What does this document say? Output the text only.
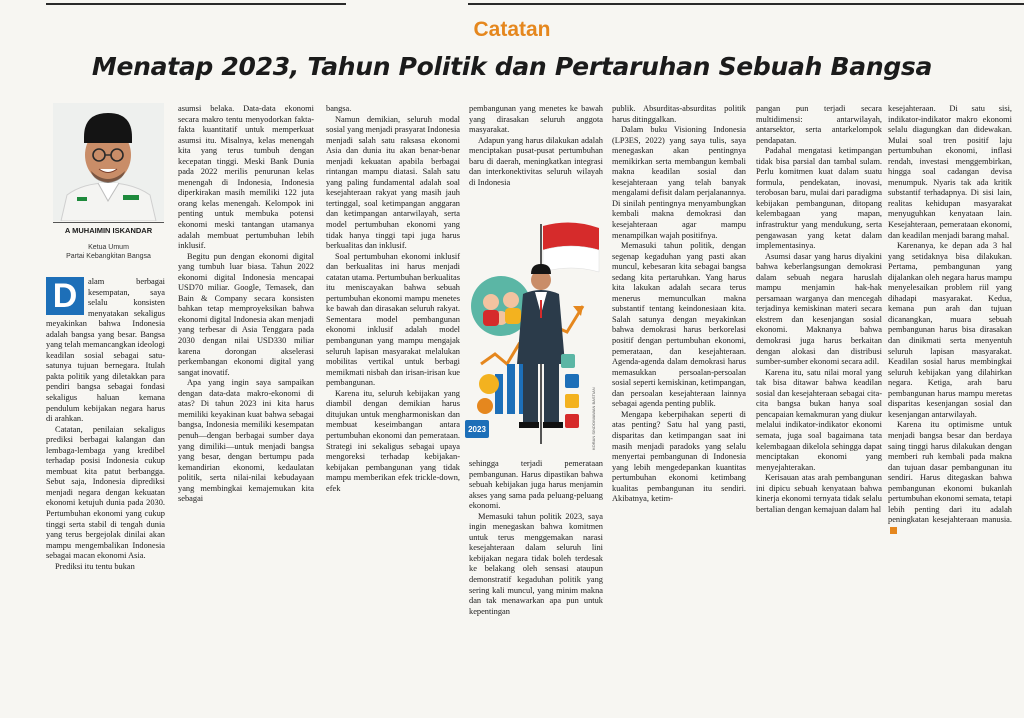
Catatan
Menatap 2023, Tahun Politik dan Pertaruhan Sebuah Bangsa
A MUHAIMIN ISKANDAR
Ketua Umum
Partai Kebangkitan Bangsa

D	alam berbagai kesempatan, saya selalu konsisten menyatakan sekaligus meyakinkan bahwa Indonesia adalah bangsa yang besar. Bangsa yang telah memancangkan ideologi keadilan sosial sebagai satu-satunya tujuan bernegara. Itulah pakta politik yang diletakkan para pendiri bangsa sebagai fondasi sekaligus haluan kemana pendulum kebijakan negara harus di arahkan.

Catatan, penilaian sekaligus prediksi berbagai kalangan dan lembaga-lembaga yang kredibel terhadap posisi Indonesia cukup membuat kita patut berbangga. Sebut saja, Indonesia diprediksi menjadi negara dengan kekuatan ekonomi ketujuh dunia pada 2030. Pertumbuhan ekonomi yang cukup tinggi serta stabil di tengah dunia yang terus bergejolak dinilai akan mampu mengembalikan Indonesia sebagai macan ekonomi Asia.

Prediksi itu tentu bukan

asumsi belaka. Data-data ekonomi secara makro tentu menyodorkan fakta-fakta kuantitatif untuk memperkuat asumsi itu. Misalnya, kelas menengah kita yang terus tumbuh dengan kecepatan tinggi. Meski Bank Dunia pada 2022 merilis penurunan kelas menengah di Indonesia, Indonesia diperkirakan masih memiliki 122 juta orang kelas menengah. Kelompok ini penting untuk membuka potensi ekonomi meski tantangan utamanya adalah membuat pertumbuhan lebih inklusif.

Begitu pun dengan ekonomi digital yang tumbuh luar biasa. Tahun 2022 ekonomi digital Indonesia mencapai USD70 miliar. Google, Temasek, dan Bain & Company secara konsisten bahkan tetap memproyeksikan bahwa ekonomi digital Indonesia akan menjadi yang terbesar di Asia Tenggara pada 2030 dengan nilai USD330 miliar karena dorongan akselerasi perkembangan ekonomi digital yang sangat inovatif.

Apa yang ingin saya sampaikan dengan data-data makro-ekonomi di atas? Di tahun 2023 ini kita harus memiliki keyakinan kuat bahwa sebagai bangsa, Indonesia memiliki kesempatan penuh—dengan berbagai sumber daya yang dimiliki—untuk menjadi bangsa yang besar, dengan bertumpu pada kemandirian ekonomi, kedaulatan politik, serta nilai-nilai kebudayaan yang membingkai kemajemukan kita sebagai

bangsa.

Namun demikian, seluruh modal sosial yang menjadi prasyarat Indonesia menjadi salah satu raksasa ekonomi Asia dan dunia itu akan benar-benar menjadi kekuatan apabila berbagai rintangan mampu diatasi. Salah satu yang paling fundamental adalah soal kesejahteraan rakyat yang masih jauh tertinggal, soal ketimpangan anggaran dan ketimpangan antarwilayah, serta model pertumbuhan ekonomi yang tidak hanya tinggi tapi juga harus berkualitas dan inklusif.

Soal pertumbuhan ekonomi inklusif dan berkualitas ini harus menjadi catatan utama. Pertumbuhan berkualitas itu meniscayakan bahwa sebuah pertumbuhan ekonomi mampu menetes ke bawah dan dirasakan seluruh rakyat. Sementara model pembangunan ekonomi inklusif adalah model pembangunan yang mampu mengajak seluruh lapisan masyarakat melalukan mobilitas vertikal untuk berbagi memikmati nisbah dan irisan-irisan kue pembangunan.

Karena itu, seluruh kebijakan yang diambil dengan demikian harus ditujukan untuk mengharmoniskan dan membuat keseimbangan antara pertumbuhan ekonomi dan pemerataan. Strategi ini sekaligus sebagai upaya mengoreksi terhadap kebijakan-kebijakan pembangunan yang tidak mampu memberikan efek trickle-down, efek

pembangunan yang menetes ke bawah yang dirasakan seluruh anggota masyarakat.

Adapun yang harus dilakukan adalah menciptakan pusat-pusat pertumbuhan baru di daerah, meningkatkan integrasi dan interkonektivitas seluruh wilayah di Indonesia

2023	KORAN SINDO/WAWAN BASTIAN

sehingga terjadi pemerataan pembangunan. Harus dipastikan bahwa sebuah kebijakan juga harus menjamin akses yang sama pada peluang-peluang ekonomi.

Memasuki tahun politik 2023, saya ingin menegaskan bahwa komitmen untuk terus menggemakan narasi kesejahteraan dalam seluruh lini kebijakan negara tidak boleh terdesak ke belakang oleh sensasi ataupun demonstratif kegaduhan politik yang sering kali muncul, yang minim makna dan tak menawarkan apa pun untuk kepentingan

publik. Absurditas-absurditas politik harus ditinggalkan.

Dalam buku Visioning Indonesia (LP3ES, 2022) yang saya tulis, saya menegaskan akan pentingnya memikirkan serta membangun kembali makna keadilan sosial dan kesejahteraan yang telah banyak mengalami defisit dalam perjalanannya. Di sinilah pentingnya menyambungkan kembali makna demokrasi dan kesejahteraan agar mampu menampilkan wajah positifnya.

Memasuki tahun politik, dengan segenap kegaduhan yang pasti akan muncul, kebesaran kita sebagai bangsa sedang kita pertaruhkan. Yang harus kita lakukan adalah secara terus menerus memunculkan makna substantif tentang keindonesiaan kita. Salah satunya dengan meyakinkan bahwa demokrasi harus berkorelasi positif dengan pertumbuhan ekonomi, pemerataan, dan kesejahteraan. Agenda-agenda dalam demokrasi harus memasukkan persoalan-persoalan sosial seperti kemiskinan, ketimpangan, dan persoalan kesejahteraan lainnya sebagai agenda penting publik.

Mengapa keberpihakan seperti di atas penting? Satu hal yang pasti, disparitas dan ketimpangan saat ini masih menjadi paradoks yang selalu menyertai pembangunan di Indonesia yang lebih mengedepankan kuantitas pertumbuhan ekonomi ketimbang kualitas pembangunan itu sendiri. Akibatnya, ketim-

pangan pun terjadi secara multidimensi: antarwilayah, antarsektor, serta antarkelompok pendapatan.

Padahal mengatasi ketimpangan tidak bisa parsial dan tambal sulam. Perlu komitmen kuat dalam suatu formula, pendekatan, inovasi, terobosan baru, mulai dari paradigma kebijakan pembangunan, ditopang kelembagaan yang mapan, infrastruktur yang mendukung, serta pengawasan yang ketat dalam implementasinya.

Asumsi dasar yang harus diyakini bahwa keberlangsungan demokrasi dalam sebuah negara haruslah mampu menjamin hak-hak persamaan warganya dan mencegah terjadinya kemiskinan materi secara ekstrem dan kesenjangan sosial ekonomi. Maknanya bahwa demokrasi juga harus berkaitan dengan alokasi dan distribusi sumber-sumber ekonomi secara adil.

Karena itu, satu nilai moral yang tak bisa ditawar bahwa keadilan sosial dan kesejahteraan sebagai cita-cita bangsa bukan hanya soal pencapaian kemakmuran yang diukur melalui indikator-indikator ekonomi semata, juga soal bagaimana tata kelembagaan dikelola sehingga dapat menciptakan ekonomi yang menyejahterakan.

Kerisauan atas arah pembangunan ini dipicu sebuah kenyataan bahwa kinerja ekonomi ternyata tidak selalu bertalian dengan kemajuan dalam hal

kesejahteraan. Di satu sisi, indikator-indikator makro ekonomi selalu diagungkan dan didewakan. Mulai soal tren positif laju pertumbuhan ekonomi, inflasi rendah, investasi menggembirkan, hingga soal cadangan devisa menumpuk. Nyaris tak ada kritik substantif terhadapnya. Di sisi lain, realitas kehidupan masyarakat menyuguhkan kenyataan lain. Kesejahteraan, pemerataan ekonomi, dan keadilan menjadi barang mahal.

Karenanya, ke depan ada 3 hal yang setidaknya bisa dilakukan. Pertama, pembangunan yang dijalankan oleh negara harus mampu menyelesaikan problem riil yang dihadapi masyarakat. Kedua, kemana pun arah dan tujuan dicanangkan, muara sebuah pembangunan harus bisa dirasakan dan dinikmati serta menyentuh seluruh lapisan masyarakat. Keadilan sosial harus membingkai seluruh kebijakan yang dilahirkan negara. Ketiga, arah baru pembangunan harus mampu meretas disparitas kesenjangan sosial dan kesenjangan antarwilayah.

Karena itu optimisme untuk menjadi bangsa besar dan berdaya saing tinggi harus dilakukan dengan memberi ruh kembali pada makna dan tujuan dasar pembangunan itu sendiri. Harus ditegaskan bahwa pembangunan ekonomi bukanlah pertumbuhan ekonomi semata, tetapi lebih penting dari itu adalah peningkatan kesejahteraan manusia.
